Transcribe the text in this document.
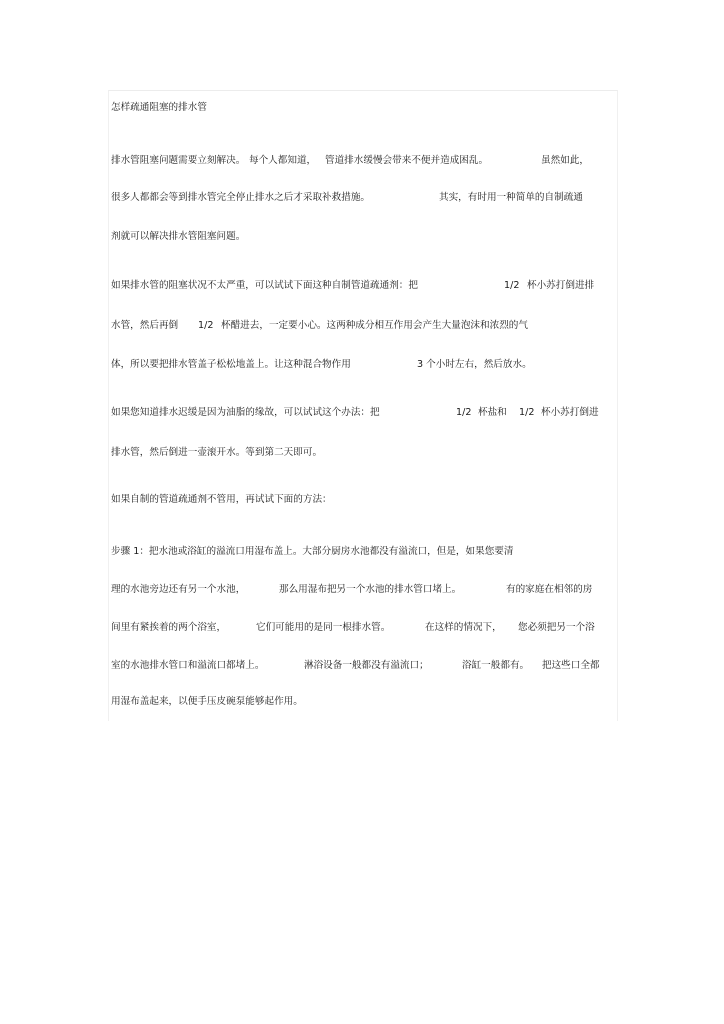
怎样疏通阻塞的排水管
排水管阻塞问题需要立刻解决。 每个人都知道， 管道排水缓慢会带来不便并造成困乱。	虽然如此，
很多人都都会等到排水管完全停止排水之后才采取补救措施。	其实，有时用一种简单的自制疏通
剂就可以解决排水管阻塞问题。
如果排水管的阻塞状况不太严重，可以试试下面这种自制管道疏通剂：把	1/2 杯小苏打倒进排
水管，然后再倒 1/2 杯醋进去，一定要小心。这两种成分相互作用会产生大量泡沫和浓烈的气
体，所以要把排水管盖子松松地盖上。让这种混合物作用	3 个小时左右，然后放水。
如果您知道排水迟缓是因为油脂的缘故，可以试试这个办法：把	1/2 杯盐和 1/2 杯小苏打倒进
排水管，然后倒进一壶滚开水。等到第二天即可。
如果自制的管道疏通剂不管用，再试试下面的方法：
步骤 1：把水池或浴缸的溢流口用湿布盖上。大部分厨房水池都没有溢流口，但是，如果您要清
理的水池旁边还有另一个水池，	那么用湿布把另一个水池的排水管口堵上。	有的家庭在相邻的房
间里有紧挨着的两个浴室，	它们可能用的是同一根排水管。	在这样的情况下， 您必须把另一个浴
室的水池排水管口和溢流口都堵上。	淋浴设备一般都没有溢流口；	浴缸一般都有。 把这些口全都
用湿布盖起来，以便手压皮碗泵能够起作用。
